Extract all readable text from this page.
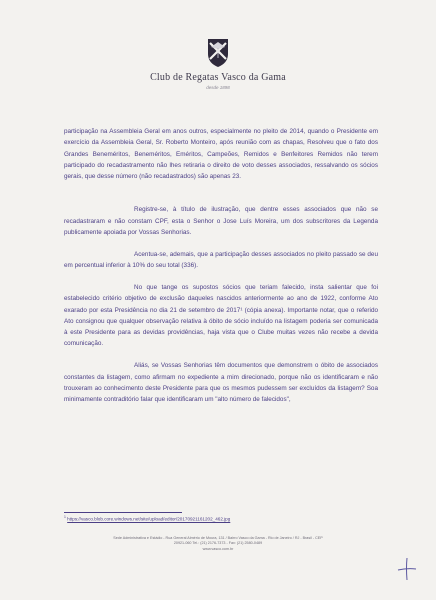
Club de Regatas Vasco da Gama
desde 1898

participação na Assembleia Geral em anos outros, especialmente no pleito de 2014, quando o Presidente em exercício da Assembleia Geral, Sr. Roberto Monteiro, após reunião com as chapas, Resolveu que o fato dos Grandes Beneméritos, Beneméritos, Eméritos, Campeões, Remidos e Benfeitores Remidos não terem participado do recadastramento não lhes retiraria o direito de voto desses associados, ressalvando os sócios gerais, que desse número (não recadastrados) são apenas 23.

Registre-se, à título de ilustração, que dentre esses associados que não se recadastraram e não constam CPF, esta o Senhor o Jose Luís Moreira, um dos subscritores da Legenda publicamente apoiada por Vossas Senhorias.

Acentua-se, ademais, que a participação desses associados no pleito passado se deu em percentual inferior à 10% do seu total (336).

No que tange os supostos sócios que teriam falecido, insta salientar que foi estabelecido critério objetivo de exclusão daqueles nascidos anteriormente ao ano de 1922, conforme Ato exarado por esta Presidência no dia 21 de setembro de 2017¹ (cópia anexa). Importante notar, que o referido Ato consignou que qualquer observação relativa à óbito de sócio incluído na listagem poderia ser comunicada à este Presidente para as devidas providências, haja vista que o Clube muitas vezes não recebe a devida comunicação.

Aliás, se Vossas Senhorias têm documentos que demonstrem o óbito de associados constantes da listagem, como afirmam no expediente a mim direcionado, porque não os identificaram e não trouxeram ao conhecimento deste Presidente para que os mesmos pudessem ser excluídos da listagem? Soa minimamente contraditório falar que identificaram um "alto número de falecidos",

$^1$ https://vasco.blob.core.windows.net/site/upload/editor/20170921161202_462.jpg
Sede Administrativa e Estádio - Rua General Almério de Moura, 131 / Bairro Vasco da Gama - Rio de Janeiro / RJ - Brasil - CEP
20921-060 Tel.: (21) 2176-7373 - Fax: (21) 2580-0489
www.vasco.com.br
